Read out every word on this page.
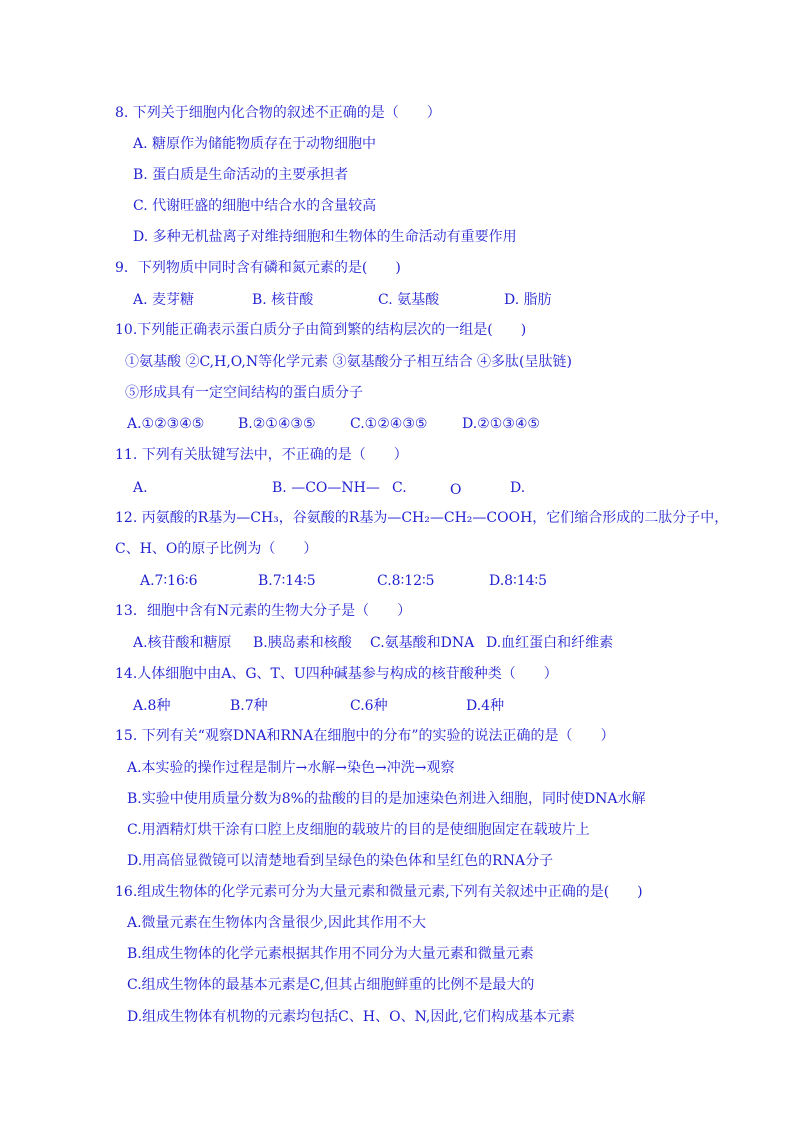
8. 下列关于细胞内化合物的叙述不正确的是（　　）
A. 糖原作为储能物质存在于动物细胞中
B. 蛋白质是生命活动的主要承担者
C. 代谢旺盛的细胞中结合水的含量较高
D. 多种无机盐离子对维持细胞和生物体的生命活动有重要作用
9．下列物质中同时含有磷和氮元素的是(　　)
A. 麦芽糖	B. 核苷酸	C. 氨基酸	D. 脂肪
10.下列能正确表示蛋白质分子由简到繁的结构层次的一组是(　　)
①氨基酸 ②C,H,O,N等化学元素 ③氨基酸分子相互结合 ④多肽(呈肽链)
⑤形成具有一定空间结构的蛋白质分子
A.①②③④⑤ B.②①④③⑤ C.①②④③⑤ D.②①③④⑤
11. 下列有关肽键写法中，不正确的是（　　）
A.	B. —CO—NH— C.	O	D.
12. 丙氨酸的R基为—CH₃，谷氨酸的R基为—CH₂—CH₂—COOH，它们缩合形成的二肽分子中，
C、H、O的原子比例为（　　）
A.7∶16∶6	B.7∶14∶5	C.8∶12∶5	D.8∶14∶5
13．细胞中含有N元素的生物大分子是（　　）
A.核苷酸和糖原 B.胰岛素和核酸 C.氨基酸和DNA D.血红蛋白和纤维素
14.人体细胞中由A、G、T、U四种碱基参与构成的核苷酸种类（　　）
A.8种	B.7种	C.6种	D.4种
15. 下列有关“观察DNA和RNA在细胞中的分布”的实验的说法正确的是（　　）
A.本实验的操作过程是制片→水解→染色→冲洗→观察
B.实验中使用质量分数为8%的盐酸的目的是加速染色剂进入细胞，同时使DNA水解
C.用酒精灯烘干涂有口腔上皮细胞的载玻片的目的是使细胞固定在载玻片上
D.用高倍显微镜可以清楚地看到呈绿色的染色体和呈红色的RNA分子
16.组成生物体的化学元素可分为大量元素和微量元素,下列有关叙述中正确的是(　　)
A.微量元素在生物体内含量很少,因此其作用不大
B.组成生物体的化学元素根据其作用不同分为大量元素和微量元素
C.组成生物体的最基本元素是C,但其占细胞鲜重的比例不是最大的
D.组成生物体有机物的元素均包括C、H、O、N,因此,它们构成基本元素
